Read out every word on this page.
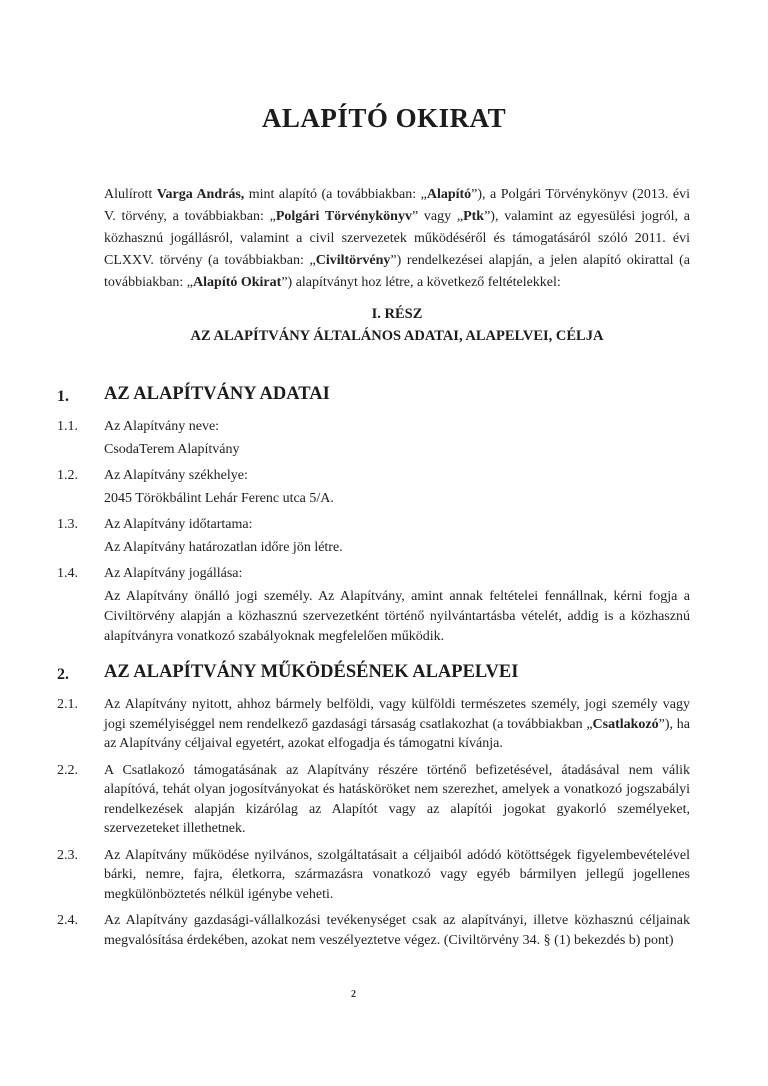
ALAPÍTÓ OKIRAT

Alulírott Varga András, mint alapító (a továbbiakban: „Alapító”), a Polgári Törvénykönyv (2013. évi V. törvény, a továbbiakban: „Polgári Törvénykönyv” vagy „Ptk”), valamint az egyesülési jogról, a közhasznú jogállásról, valamint a civil szervezetek működéséről és támogatásáról szóló 2011. évi CLXXV. törvény (a továbbiakban: „Civiltörvény”) rendelkezései alapján, a jelen alapító okirattal (a továbbiakban: „Alapító Okirat”) alapítványt hoz létre, a következő feltételekkel:

I. RÉSZ
AZ ALAPÍTVÁNY ÁLTALÁNOS ADATAI, ALAPELVEI, CÉLJA
1. AZ ALAPÍTVÁNY ADATAI
1.1. Az Alapítvány neve:

CsodaTerem Alapítvány

1.2. Az Alapítvány székhelye:

2045 Törökbálint Lehár Ferenc utca 5/A.

1.3. Az Alapítvány időtartama:

Az Alapítvány határozatlan időre jön létre.

1.4. Az Alapítvány jogállása:

Az Alapítvány önálló jogi személy. Az Alapítvány, amint annak feltételei fennállnak, kérni fogja a Civiltörvény alapján a közhasznú szervezetként történő nyilvántartásba vételét, addig is a közhasznú alapítványra vonatkozó szabályoknak megfelelően működik.

2. AZ ALAPÍTVÁNY MŰKÖDÉSÉNEK ALAPELVEI
2.1. Az Alapítvány nyitott, ahhoz bármely belföldi, vagy külföldi természetes személy, jogi személy vagy jogi személyiséggel nem rendelkező gazdasági társaság csatlakozhat (a továbbiakban „Csatlakozó”), ha az Alapítvány céljaival egyetért, azokat elfogadja és támogatni kívánja.

2.2. A Csatlakozó támogatásának az Alapítvány részére történő befizetésével, átadásával nem válik alapítóvá, tehát olyan jogosítványokat és hatásköröket nem szerezhet, amelyek a vonatkozó jogszabályi rendelkezések alapján kizárólag az Alapítót vagy az alapítói jogokat gyakorló személyeket, szervezeteket illethetnek.

2.3. Az Alapítvány működése nyilvános, szolgáltatásait a céljaiból adódó kötöttségek figyelembevételével bárki, nemre, fajra, életkorra, származásra vonatkozó vagy egyéb bármilyen jellegű jogellenes megkülönböztetés nélkül igénybe veheti.

2.4. Az Alapítvány gazdasági-vállalkozási tevékenységet csak az alapítványi, illetve közhasznú céljainak megvalósítása érdekében, azokat nem veszélyeztetve végez. (Civiltörvény 34. § (1) bekezdés b) pont)

2
